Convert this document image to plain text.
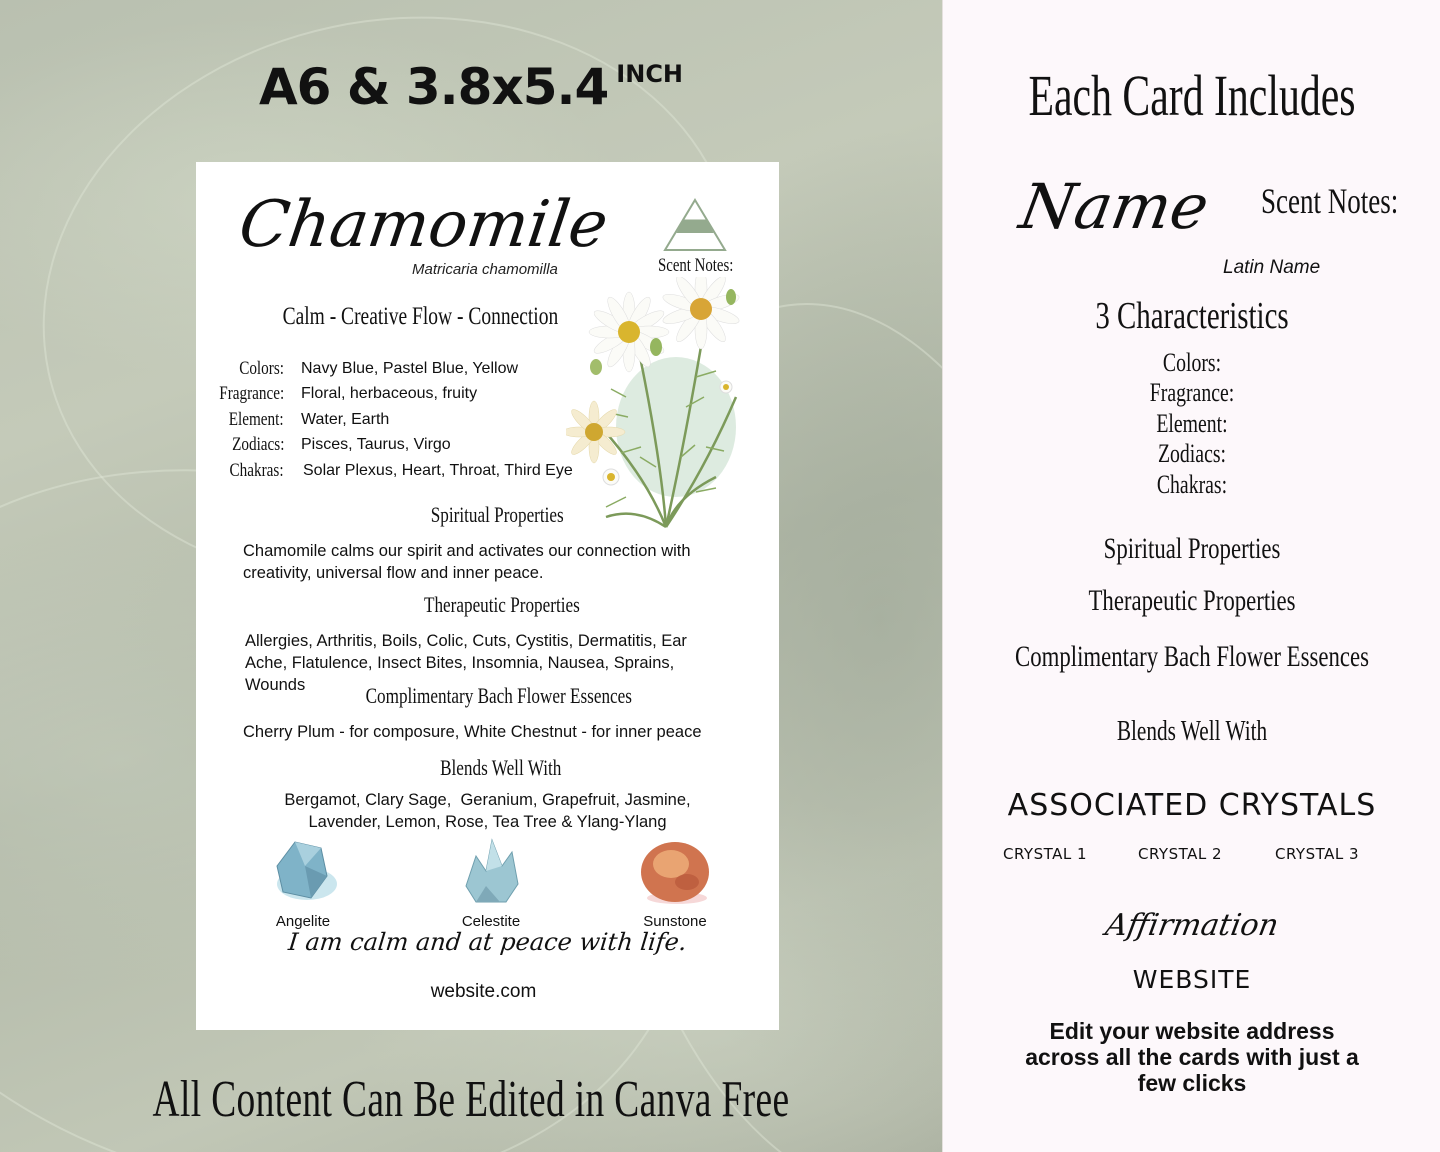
A6 & 3.8x5.4 $^{INCH}$
Chamomile
Matricaria chamomilla	Scent Notes:
Calm - Creative Flow - Connection
Colors: Navy Blue, Pastel Blue, Yellow
Fragrance: Floral, herbaceous, fruity
Element: Water, Earth
Zodiacs: Pisces, Taurus, Virgo
Chakras: Solar Plexus, Heart, Throat, Third Eye
Spiritual Properties
Chamomile calms our spirit and activates our connection with creativity, universal flow and inner peace.
Therapeutic Properties
Allergies, Arthritis, Boils, Colic, Cuts, Cystitis, Dermatitis, Ear Ache, Flatulence, Insect Bites, Insomnia, Nausea, Sprains, Wounds	Complimentary Bach Flower Essences
Cherry Plum - for composure, White Chestnut - for inner peace
Blends Well With
Bergamot, Clary Sage,  Geranium, Grapefruit, Jasmine,
Lavender, Lemon, Rose, Tea Tree & Ylang-Ylang
Angelite	Celestite	Sunstone
I am calm and at peace with life.
website.com
All Content Can Be Edited in Canva Free
Each Card Includes
Name Scent Notes:
Latin Name
3 Characteristics
Colors:
Fragrance:
Element:
Zodiacs:
Chakras:
Spiritual Properties
Therapeutic Properties
Complimentary Bach Flower Essences
Blends Well With
ASSOCIATED CRYSTALS
CRYSTAL 1	CRYSTAL 2	CRYSTAL 3
Affirmation
WEBSITE
Edit your website address across all the cards with just a few clicks
